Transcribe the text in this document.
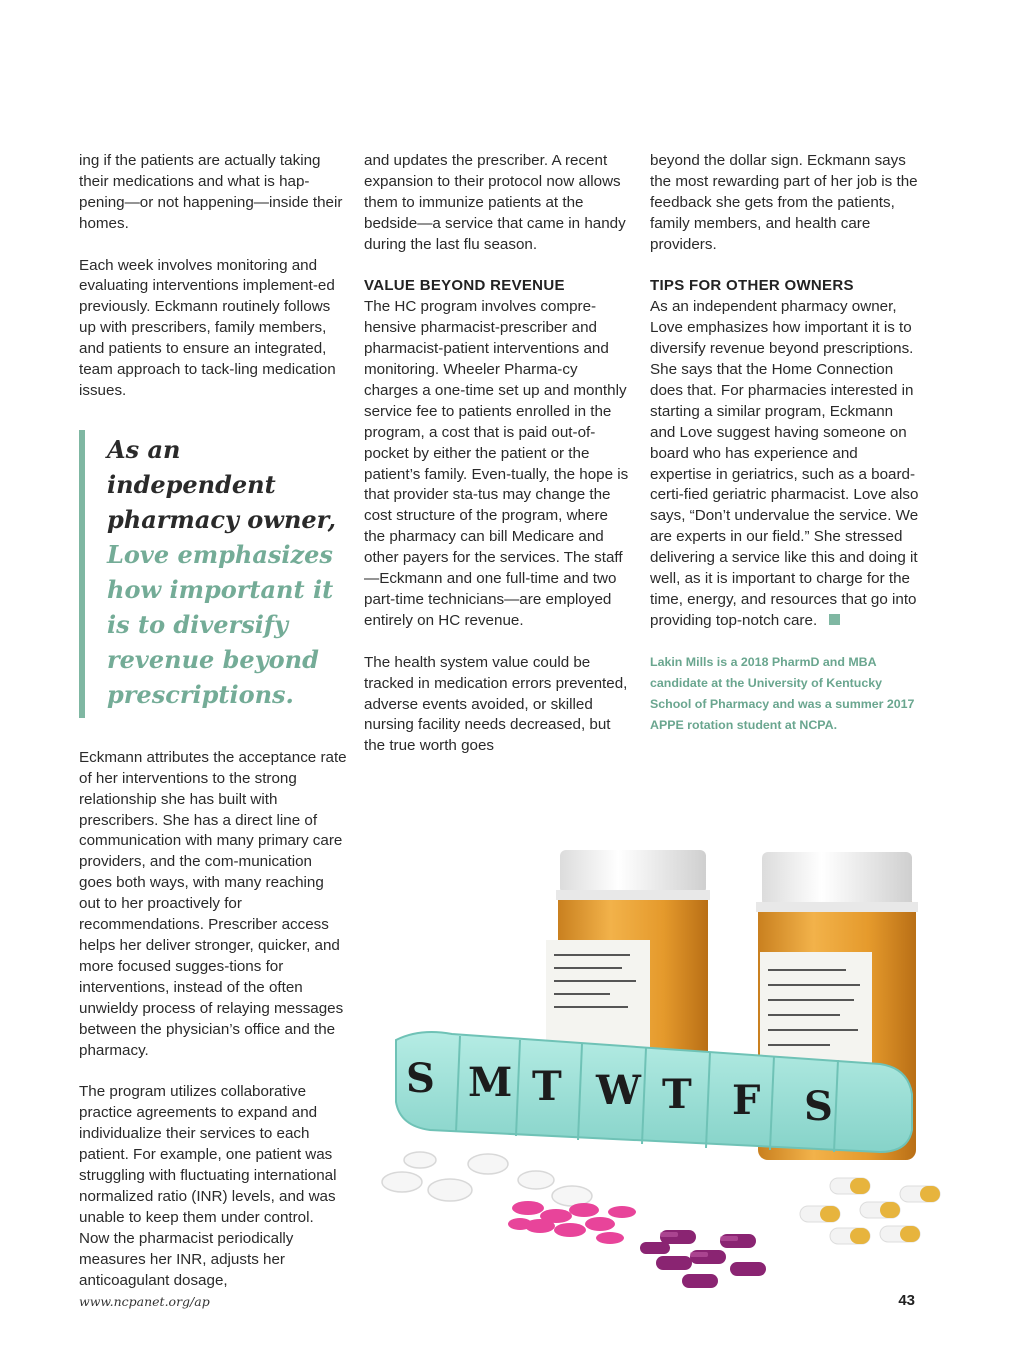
ing if the patients are actually taking their medications and what is hap-pening—or not happening—inside their homes.

Each week involves monitoring and evaluating interventions implement-ed previously. Eckmann routinely follows up with prescribers, family members, and patients to ensure an integrated, team approach to tack-ling medication issues.

As an independent pharmacy owner, Love emphasizes how important it is to diversify revenue beyond prescriptions.

Eckmann attributes the acceptance rate of her interventions to the strong relationship she has built with prescribers. She has a direct line of communication with many primary care providers, and the com-munication goes both ways, with many reaching out to her proactively for recommendations. Prescriber access helps her deliver stronger, quicker, and more focused sugges-tions for interventions, instead of the often unwieldy process of relaying messages between the physician’s office and the pharmacy.

The program utilizes collaborative practice agreements to expand and individualize their services to each patient. For example, one patient was struggling with fluctuating international normalized ratio (INR) levels, and was unable to keep them under control. Now the pharmacist periodically measures her INR, adjusts her anticoagulant dosage,

and updates the prescriber. A recent expansion to their protocol now allows them to immunize patients at the bedside—a service that came in handy during the last flu season.

VALUE BEYOND REVENUE

The HC program involves compre-hensive pharmacist-prescriber and pharmacist-patient interventions and monitoring. Wheeler Pharma-cy charges a one-time set up and monthly service fee to patients enrolled in the program, a cost that is paid out-of-pocket by either the patient or the patient’s family. Even-tually, the hope is that provider sta-tus may change the cost structure of the program, where the pharmacy can bill Medicare and other payers for the services. The staff—Eckmann and one full-time and two part-time technicians—are employed entirely on HC revenue.

The health system value could be tracked in medication errors prevented, adverse events avoided, or skilled nursing facility needs decreased, but the true worth goes

beyond the dollar sign. Eckmann says the most rewarding part of her job is the feedback she gets from the patients, family members, and health care providers.

TIPS FOR OTHER OWNERS

As an independent pharmacy owner, Love emphasizes how important it is to diversify revenue beyond prescriptions. She says that the Home Connection does that. For pharmacies interested in starting a similar program, Eckmann and Love suggest having someone on board who has experience and expertise in geriatrics, such as a board-certi-fied geriatric pharmacist. Love also says, “Don’t undervalue the service. We are experts in our field.” She stressed delivering a service like this and doing it well, as it is important to charge for the time, energy, and resources that go into providing top-notch care.

Lakin Mills is a 2018 PharmD and MBA candidate at the University of Kentucky School of Pharmacy and was a summer 2017 APPE rotation student at NCPA.

S M T W T F S
www.ncpanet.org/ap	43
